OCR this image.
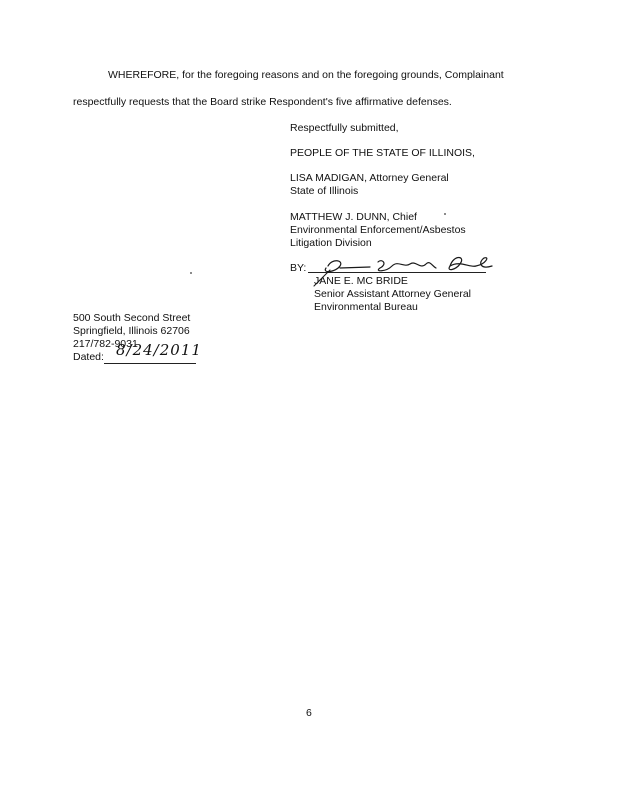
WHEREFORE, for the foregoing reasons and on the foregoing grounds, Complainant
respectfully requests that the Board strike Respondent's five affirmative defenses.
Respectfully submitted,
PEOPLE OF THE STATE OF ILLINOIS,
LISA MADIGAN, Attorney General
State of Illinois
MATTHEW J. DUNN, Chief
Environmental Enforcement/Asbestos
Litigation Division
BY:
JANE E. MC BRIDE
Senior Assistant Attorney General
Environmental Bureau
500 South Second Street
Springfield, Illinois 62706
217/782-9031
Dated: 8/24/2011
6
